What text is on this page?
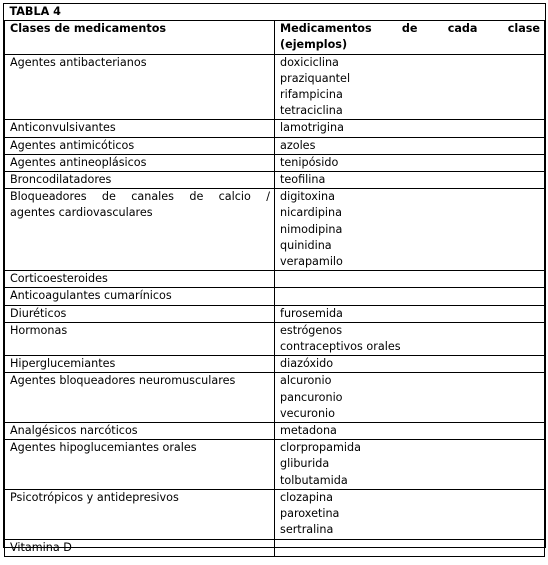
TABLA 4	
Clases de medicamentos	Medicamentos de cada clase
(ejemplos)

Agentes antibacterianos	doxiciclina
praziquantel
rifampicina
tetraciclina

Anticonvulsivantes	lamotrigina

Agentes antimicóticos	azoles

Agentes antineoplásicos	tenipósido

Broncodilatadores	teofilina

Bloqueadores de canales de calcio /
agentes cardiovasculares	digitoxina
nicardipina
nimodipina
quinidina
verapamilo

Corticoesteroides	

Anticoagulantes cumarínicos	

Diuréticos	furosemida

Hormonas	estrógenos
contraceptivos orales

Hiperglucemiantes	diazóxido

Agentes bloqueadores neuromusculares	alcuronio
pancuronio
vecuronio

Analgésicos narcóticos	metadona

Agentes hipoglucemiantes orales	clorpropamida
gliburida
tolbutamida

Psicotrópicos y antidepresivos	clozapina
paroxetina
sertralina

Vitamina D	
